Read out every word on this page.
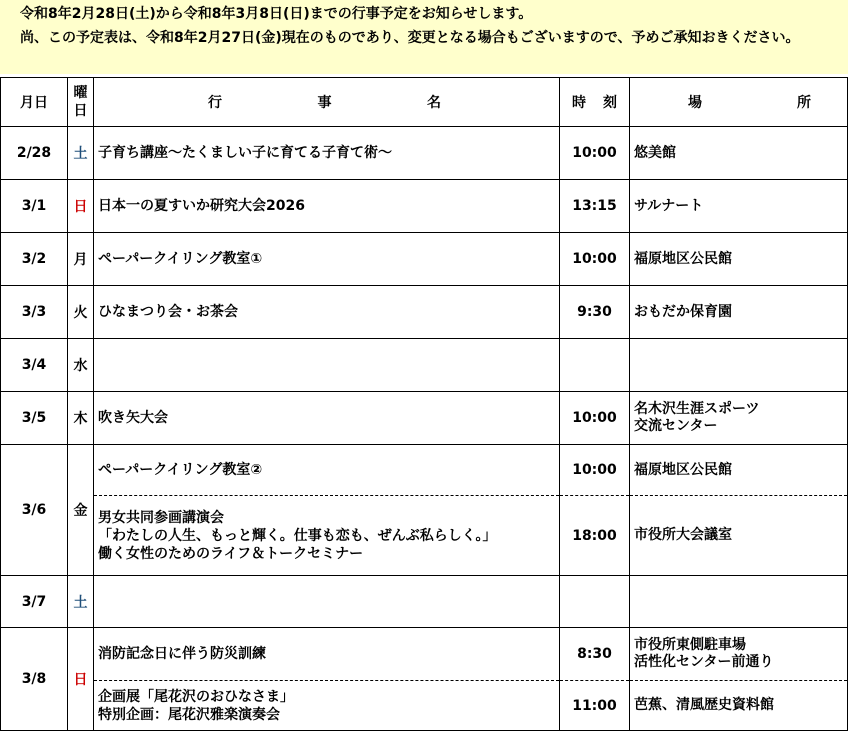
令和8年2月28日(土)から令和8年3月8日(日)までの行事予定をお知らせします。

尚、この予定表は、令和8年2月27日(金)現在のものであり、変更となる場合もございますので、予めご承知おきください。

月日	曜
日	行 事 名	時 刻	場 所

2/28	土	子育ち講座～たくましい子に育てる子育て術～	10:00	悠美館
3/1	日	日本一の夏すいか研究大会2026	13:15	サルナート
3/2	月	ペーパークイリング教室①	10:00	福原地区公民館
3/3	火	ひなまつり会・お茶会	9:30	おもだか保育園
3/4	水			
3/5	木	吹き矢大会	10:00	名木沢生涯スポーツ
交流センター

3/6	金	ペーパークイリング教室②	10:00	福原地区公民館

		男女共同参画講演会
「わたしの人生、もっと輝く。仕事も恋も、ぜんぶ私らしく。」
働く女性のためのライフ＆トークセミナー	18:00	市役所大会議室
3/7	土			
3/8	日	消防記念日に伴う防災訓練	8:30	市役所東側駐車場
活性化センター前通り

		企画展「尾花沢のおひなさま」
特別企画：尾花沢雅楽演奏会	11:00	芭蕉、清風歴史資料館
